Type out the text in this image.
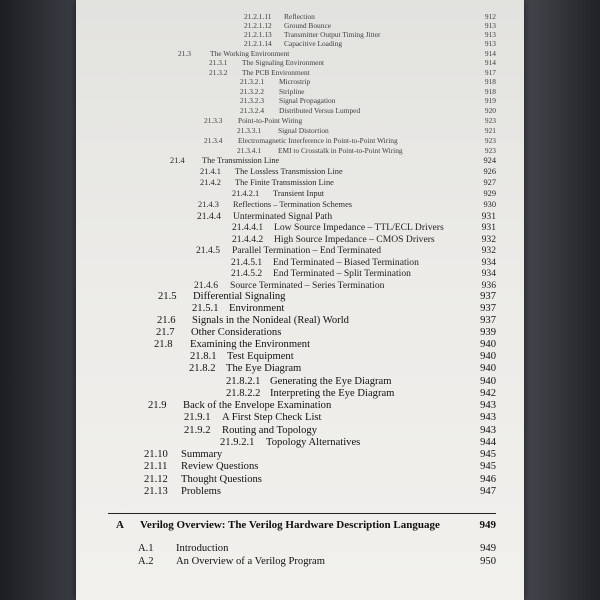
21.2.1.11 Reflection	912
21.2.1.12 Ground Bounce	913
21.2.1.13 Transmitter Output Timing Jitter	913
21.2.1.14 Capacitive Loading	913
21.3	The Working Environment	914
21.3.1 The Signaling Environment	914
21.3.2 The PCB Environment	917
21.3.2.1 Microstrip	918
21.3.2.2 Stripline	918
21.3.2.3 Signal Propagation	919
21.3.2.4 Distributed Versus Lumped	920
21.3.3 Point-to-Point Wiring	923
21.3.3.1 Signal Distortion	921
21.3.4 Electromagnetic Interference in Point-to-Point Wiring	923
21.3.4.1 EMI to Crosstalk in Point-to-Point Wiring	923
21.4 The Transmission Line	924
21.4.1 The Lossless Transmission Line	926
21.4.2 The Finite Transmission Line	927
21.4.2.1 Transient Input	929
21.4.3 Reflections – Termination Schemes	930
21.4.4 Unterminated Signal Path	931
21.4.4.1 Low Source Impedance – TTL/ECL Drivers	931
21.4.4.2 High Source Impedance – CMOS Drivers	932
21.4.5 Parallel Termination – End Terminated	932
21.4.5.1 End Terminated – Biased Termination	934
21.4.5.2 End Terminated – Split Termination	934
21.4.6 Source Terminated – Series Termination	936
21.5 Differential Signaling	937
21.5.1 Environment	937
21.6 Signals in the Nonideal (Real) World	937
21.7 Other Considerations	939
21.8 Examining the Environment	940
21.8.1 Test Equipment	940
21.8.2 The Eye Diagram	940
21.8.2.1 Generating the Eye Diagram	940
21.8.2.2 Interpreting the Eye Diagram	942
21.9 Back of the Envelope Examination	943
21.9.1 A First Step Check List	943
21.9.2 Routing and Topology	943
21.9.2.1 Topology Alternatives	944
21.10 Summary	945
21.11 Review Questions	945
21.12 Thought Questions	946
21.13 Problems	947
A Verilog Overview: The Verilog Hardware Description Language	949
A.1 Introduction	949
A.2 An Overview of a Verilog Program	950
